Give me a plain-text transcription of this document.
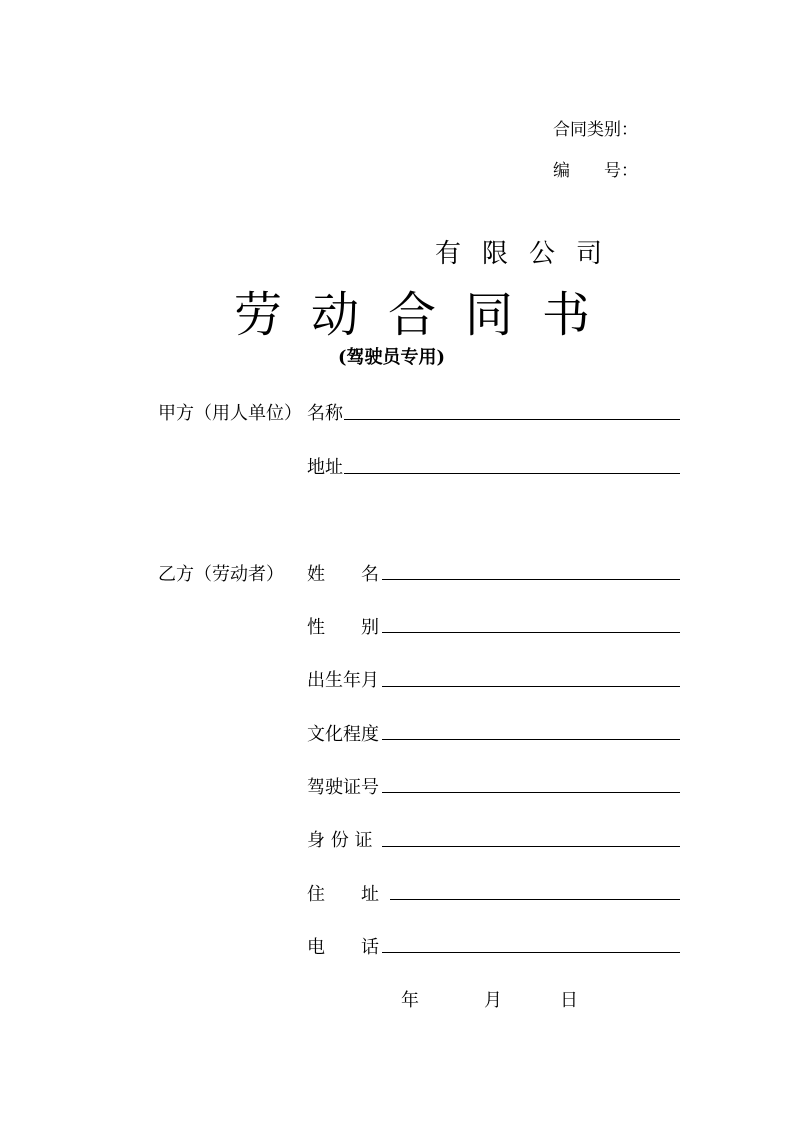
合同类别：
编　　号：
有限公司
劳动合同书
(驾驶员专用)
甲方（用人单位） 名称
地址
乙方（劳动者） 姓　　名
性　　别
出生年月
文化程度
驾驶证号
身 份 证
住　　址
电　　话
年	月	日
